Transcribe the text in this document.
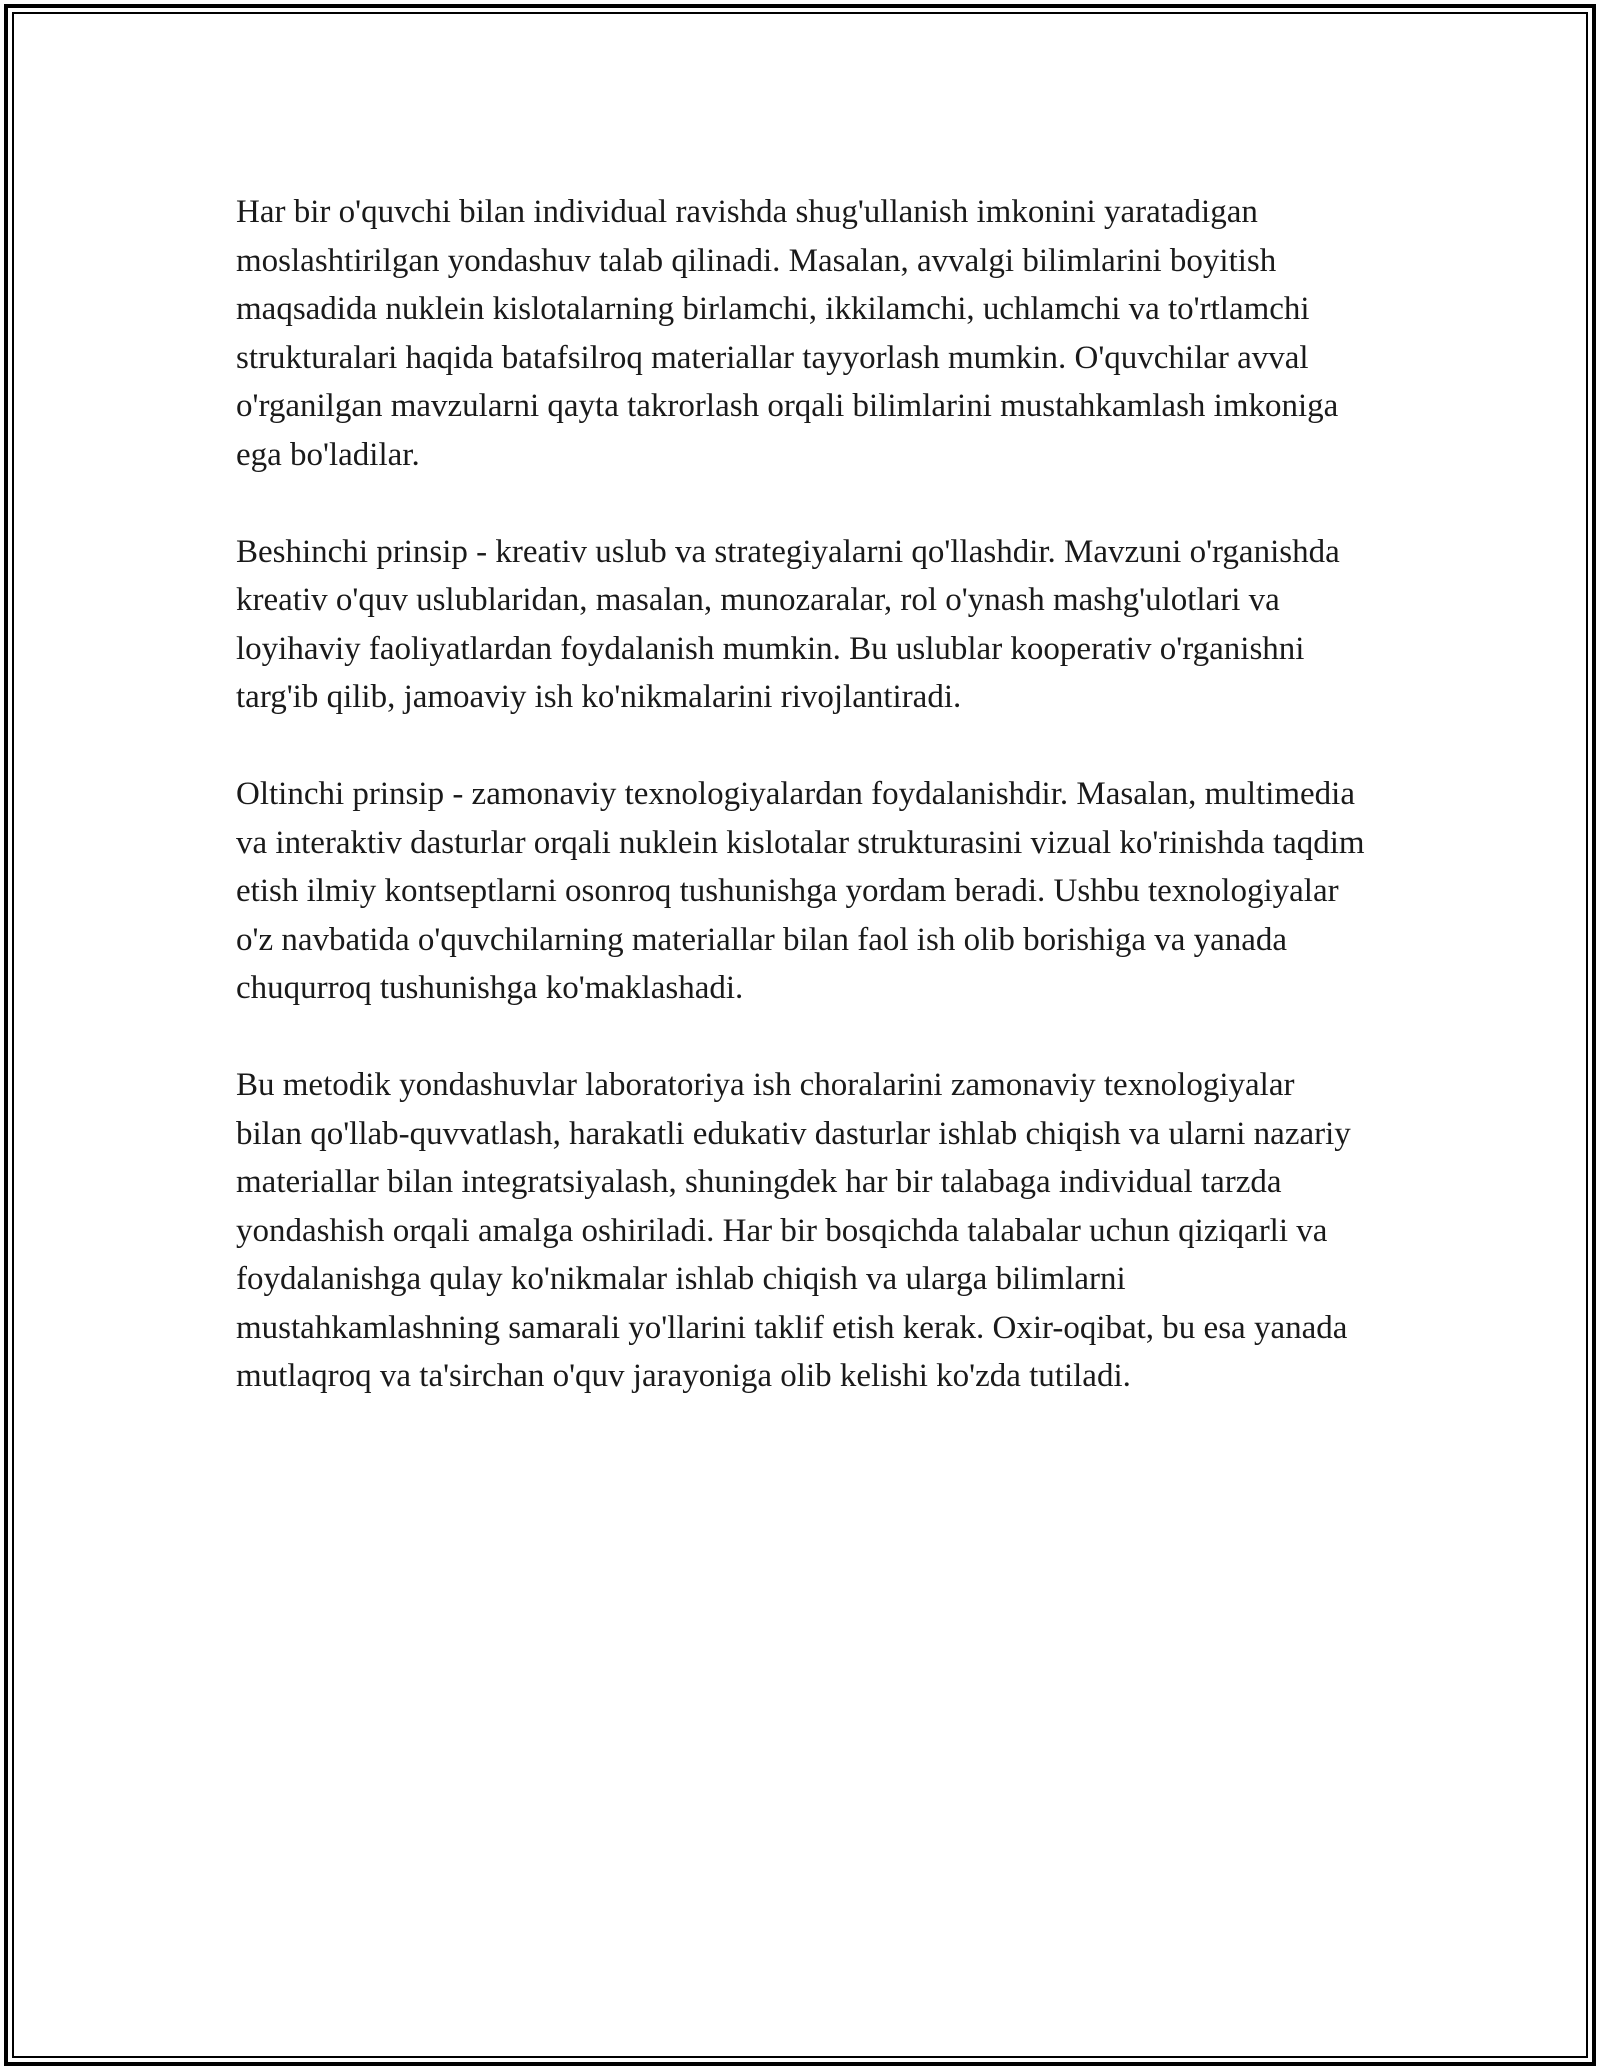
Har bir o'quvchi bilan individual ravishda shug'ullanish imkonini yaratadigan moslashtirilgan yondashuv talab qilinadi. Masalan, avvalgi bilimlarini boyitish maqsadida nuklein kislotalarning birlamchi, ikkilamchi, uchlamchi va to'rtlamchi strukturalari haqida batafsilroq materiallar tayyorlash mumkin. O'quvchilar avval o'rganilgan mavzularni qayta takrorlash orqali bilimlarini mustahkamlash imkoniga ega bo'ladilar.

Beshinchi prinsip - kreativ uslub va strategiyalarni qo'llashdir. Mavzuni o'rganishda kreativ o'quv uslublaridan, masalan, munozaralar, rol o'ynash mashg'ulotlari va loyihaviy faoliyatlardan foydalanish mumkin. Bu uslublar kooperativ o'rganishni targ'ib qilib, jamoaviy ish ko'nikmalarini rivojlantiradi.

Oltinchi prinsip - zamonaviy texnologiyalardan foydalanishdir. Masalan, multimedia va interaktiv dasturlar orqali nuklein kislotalar strukturasini vizual ko'rinishda taqdim etish ilmiy kontseptlarni osonroq tushunishga yordam beradi. Ushbu texnologiyalar o'z navbatida o'quvchilarning materiallar bilan faol ish olib borishiga va yanada chuqurroq tushunishga ko'maklashadi.

Bu metodik yondashuvlar laboratoriya ish choralarini zamonaviy texnologiyalar bilan qo'llab-quvvatlash, harakatli edukativ dasturlar ishlab chiqish va ularni nazariy materiallar bilan integratsiyalash, shuningdek har bir talabaga individual tarzda yondashish orqali amalga oshiriladi. Har bir bosqichda talabalar uchun qiziqarli va foydalanishga qulay ko'nikmalar ishlab chiqish va ularga bilimlarni mustahkamlashning samarali yo'llarini taklif etish kerak. Oxir-oqibat, bu esa yanada mutlaqroq va ta'sirchan o'quv jarayoniga olib kelishi ko'zda tutiladi.
